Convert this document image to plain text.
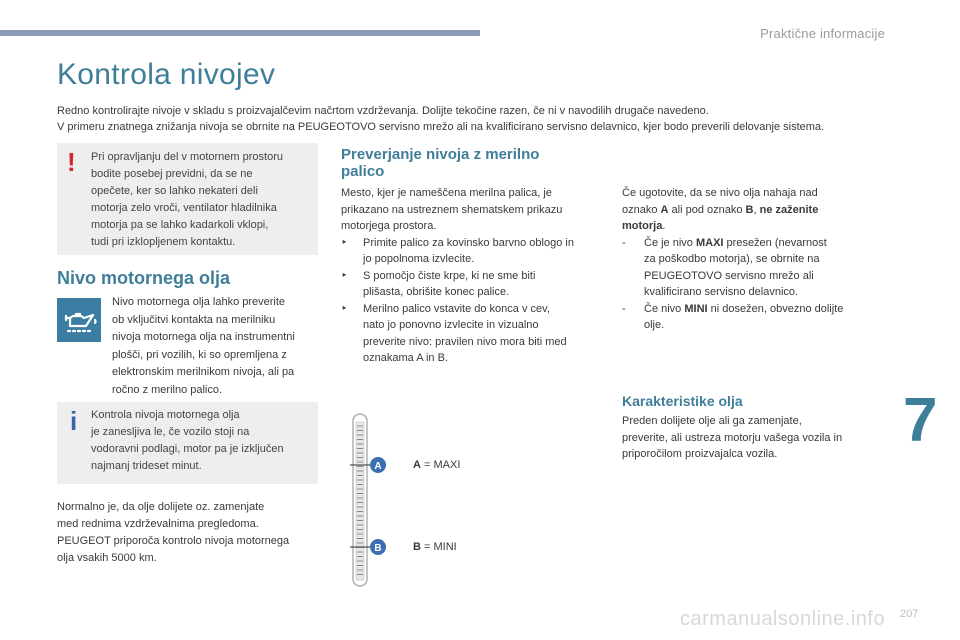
Praktične informacije
Kontrola nivojev
Redno kontrolirajte nivoje v skladu s proizvajalčevim načrtom vzdrževanja. Dolijte tekočine razen, če ni v navodilih drugače navedeno.
V primeru znatnega znižanja nivoja se obrnite na PEUGEOTOVO servisno mrežo ali na kvalificirano servisno delavnico, kjer bodo preverili delovanje sistema.
! Pri opravljanju del v motornem prostoru
bodite posebej previdni, da se ne
opečete, ker so lahko nekateri deli
motorja zelo vroči, ventilator hladilnika
motorja pa se lahko kadarkoli vklopi,
tudi pri izklopljenem kontaktu.
Nivo motornega olja
Nivo motornega olja lahko preverite
ob vključitvi kontakta na merilniku
nivoja motornega olja na instrumentni
plošči, pri vozilih, ki so opremljena z
elektronskim merilnikom nivoja, ali pa
ročno z merilno palico.
i Kontrola nivoja motornega olja
je zanesljiva le, če vozilo stoji na
vodoravni podlagi, motor pa je izključen
najmanj trideset minut.
Normalno je, da olje dolijete oz. zamenjate
med rednima vzdrževalnima pregledoma.
PEUGEOT priporoča kontrolo nivoja motornega
olja vsakih 5000 km.
Preverjanje nivoja z merilno
palico
Mesto, kjer je nameščena merilna palica, je
prikazano na ustreznem shematskem prikazu
motorjega prostora.
‣ Primite palico za kovinsko barvno oblogo in
jo popolnoma izvlecite.
‣ S pomočjo čiste krpe, ki ne sme biti
plišasta, obrišite konec palice.
‣ Merilno palico vstavite do konca v cev,
nato jo ponovno izvlecite in vizualno
preverite nivo: pravilen nivo mora biti med
oznakama A in B.
A
B
A = MAXI
B = MINI
Če ugotovite, da se nivo olja nahaja nad
oznako A ali pod oznako B, ne zaženite
motorja.
- Če je nivo MAXI presežen (nevarnost
za poškodbo motorja), se obrnite na
PEUGEOTOVO servisno mrežo ali
kvalificirano servisno delavnico.
- Če nivo MINI ni dosežen, obvezno dolijte
olje.
Karakteristike olja
Preden dolijete olje ali ga zamenjate,
preverite, ali ustreza motorju vašega vozila in
priporočilom proizvajalca vozila.	7
carmanualsonline.info 207
